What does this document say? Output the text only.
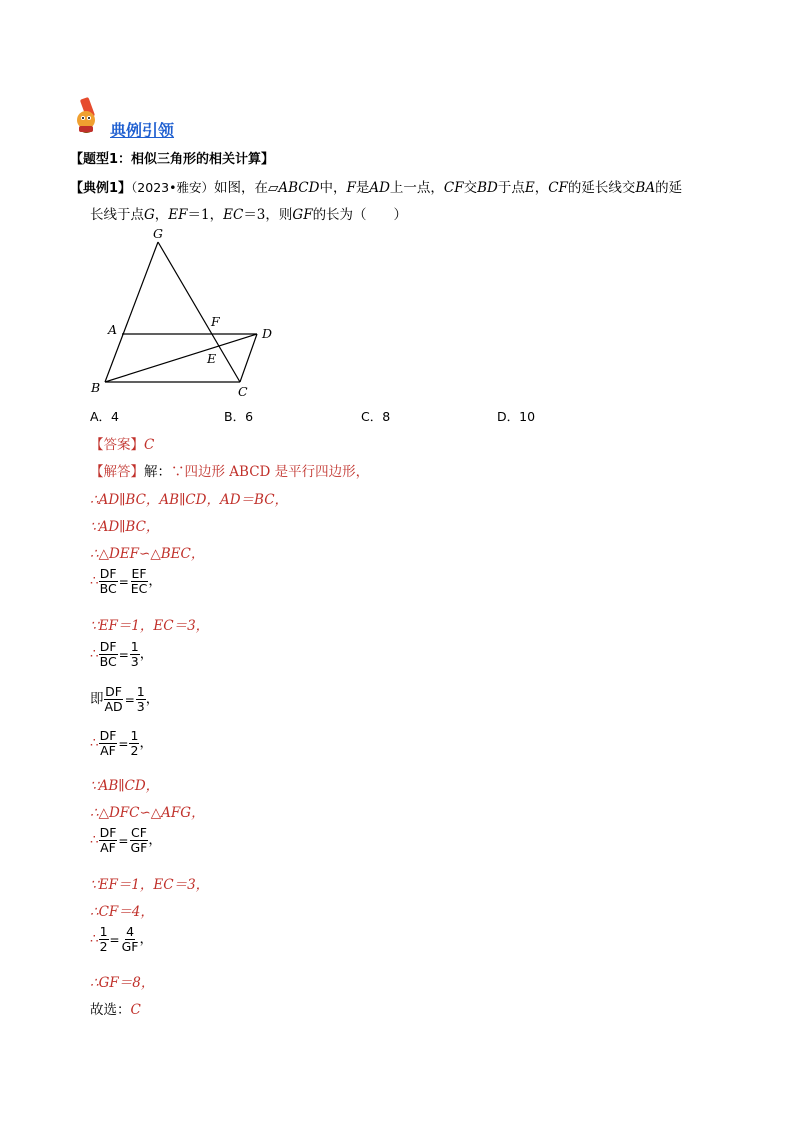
典例引领
【题型1：相似三角形的相关计算】
【典例1】（2023•雅安）如图，在▱ABCD中，F是AD上一点，CF交BD于点E，CF的延长线交BA的延
长线于点G，EF＝1，EC＝3，则GF的长为（　　）
G
A
F
D
E
B	C
A．4	B．6	C．8	D．10
【答案】C
【解答】解：∵四边形 ABCD 是平行四边形，
∴AD∥BC，AB∥CD，AD＝BC，
∵AD∥BC，
∴△DEF∽△BEC，
∴ $\frac{DF}{BC} = \frac{EF}{EC}$ ，
∵EF＝1，EC＝3，
∴ $\frac{DF}{BC} = \frac{1}{3}$ ，
即 $\frac{DF}{AD} = \frac{1}{3}$ ，
∴ $\frac{DF}{AF} = \frac{1}{2}$ ，
∵AB∥CD，
∴△DFC∽△AFG，
∴ $\frac{DF}{AF} = \frac{CF}{GF}$ ，
∵EF＝1，EC＝3，
∴CF＝4，
∴ $\frac{1}{2} = \frac{4}{GF}$ ，
∴GF＝8，
故选：C
